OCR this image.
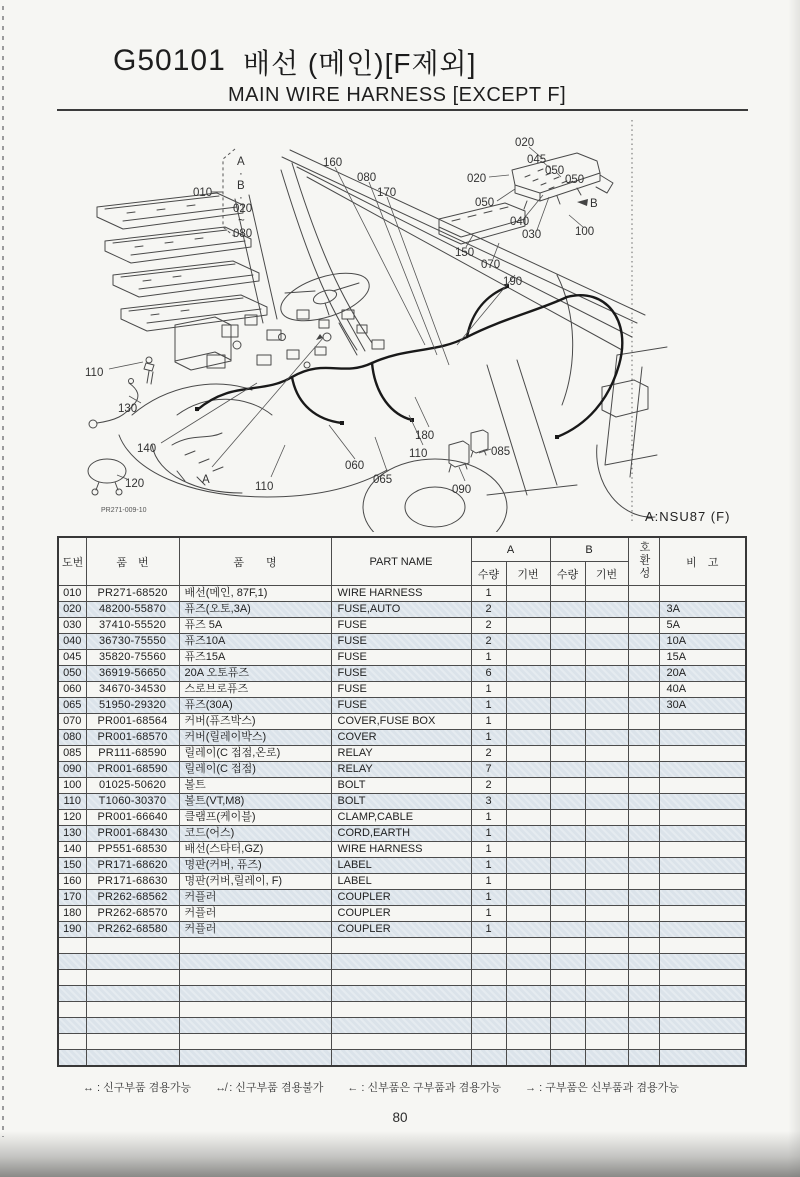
G50101 배선 (메인)[F제외]
MAIN WIRE HARNESS [EXCEPT F]
160
080
170
010
A
·
B
·
020
~
080
020
045
050
050
020
050
040
030	100
B
150
070
190
110
130
140
120
PR271-009-10
A
110
060
065
110
180
090
085
A:NSU87 (F)
도번	품　번	품　　명	PART NAME	A		B		호환성	비　고
				수량	기번	수량	기번		
010	PR271-68520	배선(메인, 87F,1)	WIRE HARNESS	1					
020	48200-55870	퓨즈(오토,3A)	FUSE,AUTO	2					3A
030	37410-55520	퓨즈 5A	FUSE	2					5A
040	36730-75550	퓨즈10A	FUSE	2					10A
045	35820-75560	퓨즈15A	FUSE	1					15A
050	36919-56650	20A 오토퓨즈	FUSE	6					20A
060	34670-34530	스로브로퓨즈	FUSE	1					40A
065	51950-29320	퓨즈(30A)	FUSE	1					30A
070	PR001-68564	커버(퓨즈박스)	COVER,FUSE BOX	1					
080	PR001-68570	커버(릴레이박스)	COVER	1					
085	PR111-68590	릴레이(C 접점,온로)	RELAY	2					
090	PR001-68590	릴레이(C 접점)	RELAY	7					
100	01025-50620	볼트	BOLT	2					
110	T1060-30370	볼트(VT,M8)	BOLT	3					
120	PR001-66640	클램프(케이블)	CLAMP,CABLE	1					
130	PR001-68430	코드(어스)	CORD,EARTH	1					
140	PP551-68530	배선(스타터,GZ)	WIRE HARNESS	1					
150	PR171-68620	명판(커버, 퓨즈)	LABEL	1					
160	PR171-68630	명판(커버,릴레이, F)	LABEL	1					
170	PR262-68562	커플러	COUPLER	1					
180	PR262-68570	커플러	COUPLER	1					
190	PR262-68580	커플러	COUPLER	1					

↔ : 신구부품 겸용가능 ↮ : 신구부품 겸용불가 ← : 신부품은 구부품과 겸용가능 → : 구부품은 신부품과 겸용가능
80
